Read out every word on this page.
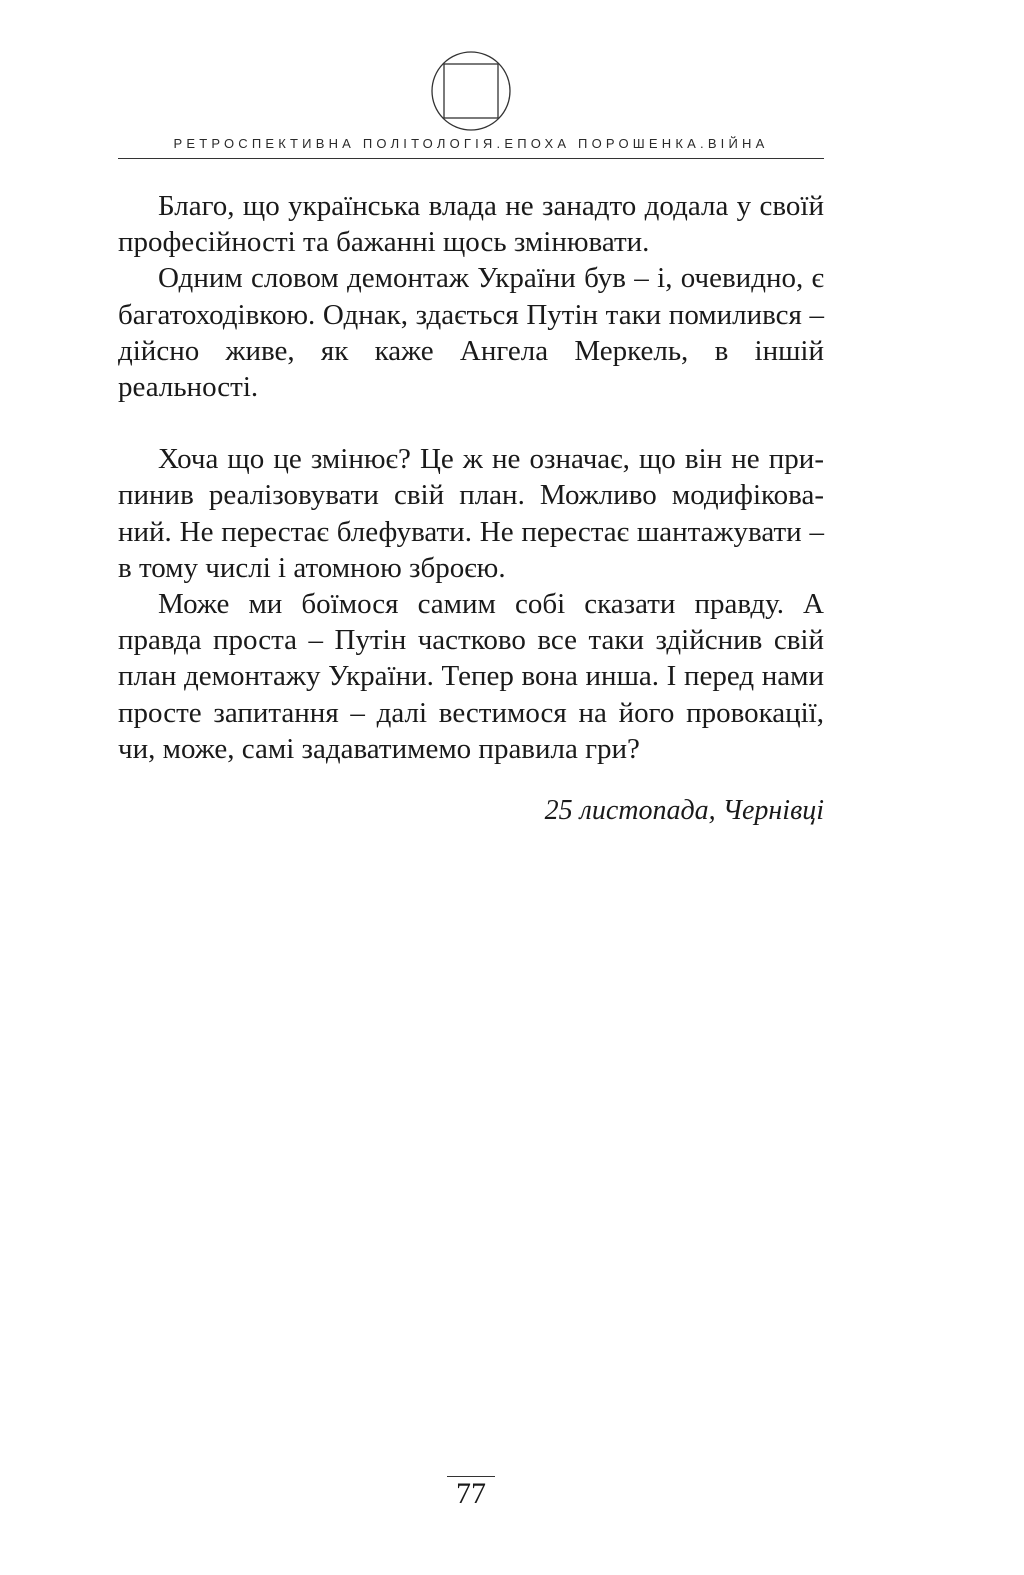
РЕТРОСПЕКТИВНА ПОЛІТОЛОГІЯ.ЕПОХА ПОРОШЕНКА.ВІЙНА

Благо, що українська влада не занадто додала у своїй професійності та бажанні щось змінювати.

Одним словом демонтаж України був – і, очевидно, є багатоходівкою. Однак, здається Путін таки помилився – дійсно живе, як каже Ангела Меркель, в іншій реальності.

Хоча що це змінює? Це ж не означає, що він не припинив реалізовувати свій план. Можливо модифікований. Не перестає блефувати. Не перестає шантажувати – в тому числі і атомною зброєю.

Може ми боїмося самим собі сказати правду. А правда проста – Путін частково все таки здійснив свій план демонтажу України. Тепер вона инша. І перед нами просте запитання – далі вестимося на його провокації, чи, може, самі задаватимемо правила гри?

25 листопада, Чернівці

77
